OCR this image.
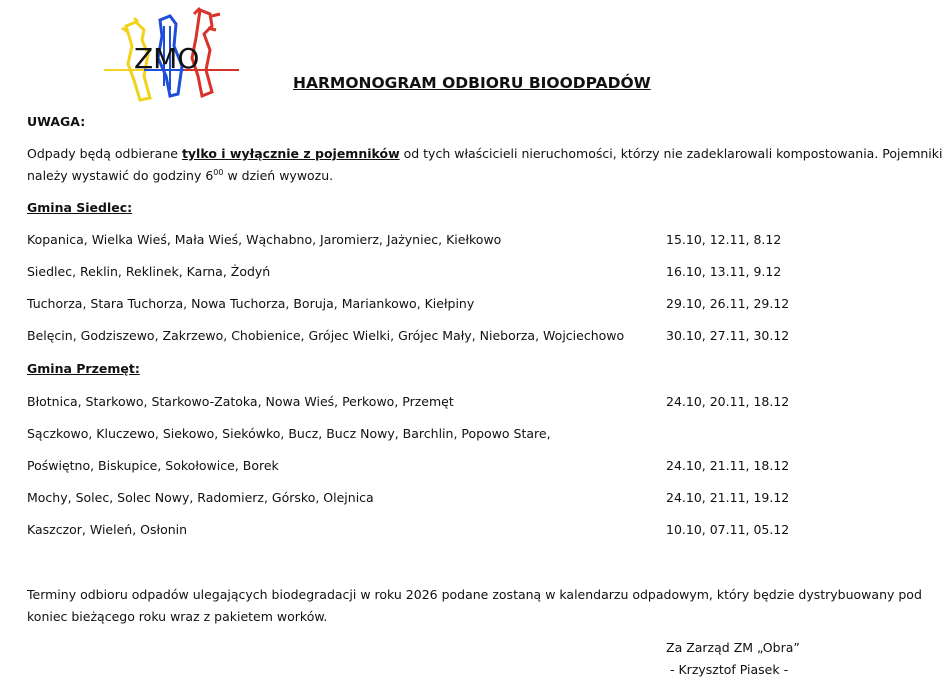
ZMO
HARMONOGRAM ODBIORU BIOODPADÓW
UWAGA:
Odpady będą odbierane tylko i wyłącznie z pojemników od tych właścicieli nieruchomości, którzy nie zadeklarowali kompostowania. Pojemniki
należy wystawić do godziny $6^{00}$ w dzień wywozu.
Gmina Siedlec:
Kopanica, Wielka Wieś, Mała Wieś, Wąchabno, Jaromierz, Jażyniec, Kiełkowo	15.10, 12.11, 8.12
Siedlec, Reklin, Reklinek, Karna, Żodyń	16.10, 13.11, 9.12
Tuchorza, Stara Tuchorza, Nowa Tuchorza, Boruja, Mariankowo, Kiełpiny	29.10, 26.11, 29.12
Belęcin, Godziszewo, Zakrzewo, Chobienice, Grójec Wielki, Grójec Mały, Nieborza, Wojciechowo	30.10, 27.11, 30.12
Gmina Przemęt:
Błotnica, Starkowo, Starkowo-Zatoka, Nowa Wieś, Perkowo, Przemęt	24.10, 20.11, 18.12
Sączkowo, Kluczewo, Siekowo, Siekówko, Bucz, Bucz Nowy, Barchlin, Popowo Stare,
Poświętno, Biskupice, Sokołowice, Borek	24.10, 21.11, 18.12
Mochy, Solec, Solec Nowy, Radomierz, Górsko, Olejnica	24.10, 21.11, 19.12
Kaszczor, Wieleń, Osłonin	10.10, 07.11, 05.12
Terminy odbioru odpadów ulegających biodegradacji w roku 2026 podane zostaną w kalendarzu odpadowym, który będzie dystrybuowany pod
koniec bieżącego roku wraz z pakietem worków.
Za Zarząd ZM „Obra”
- Krzysztof Piasek -
